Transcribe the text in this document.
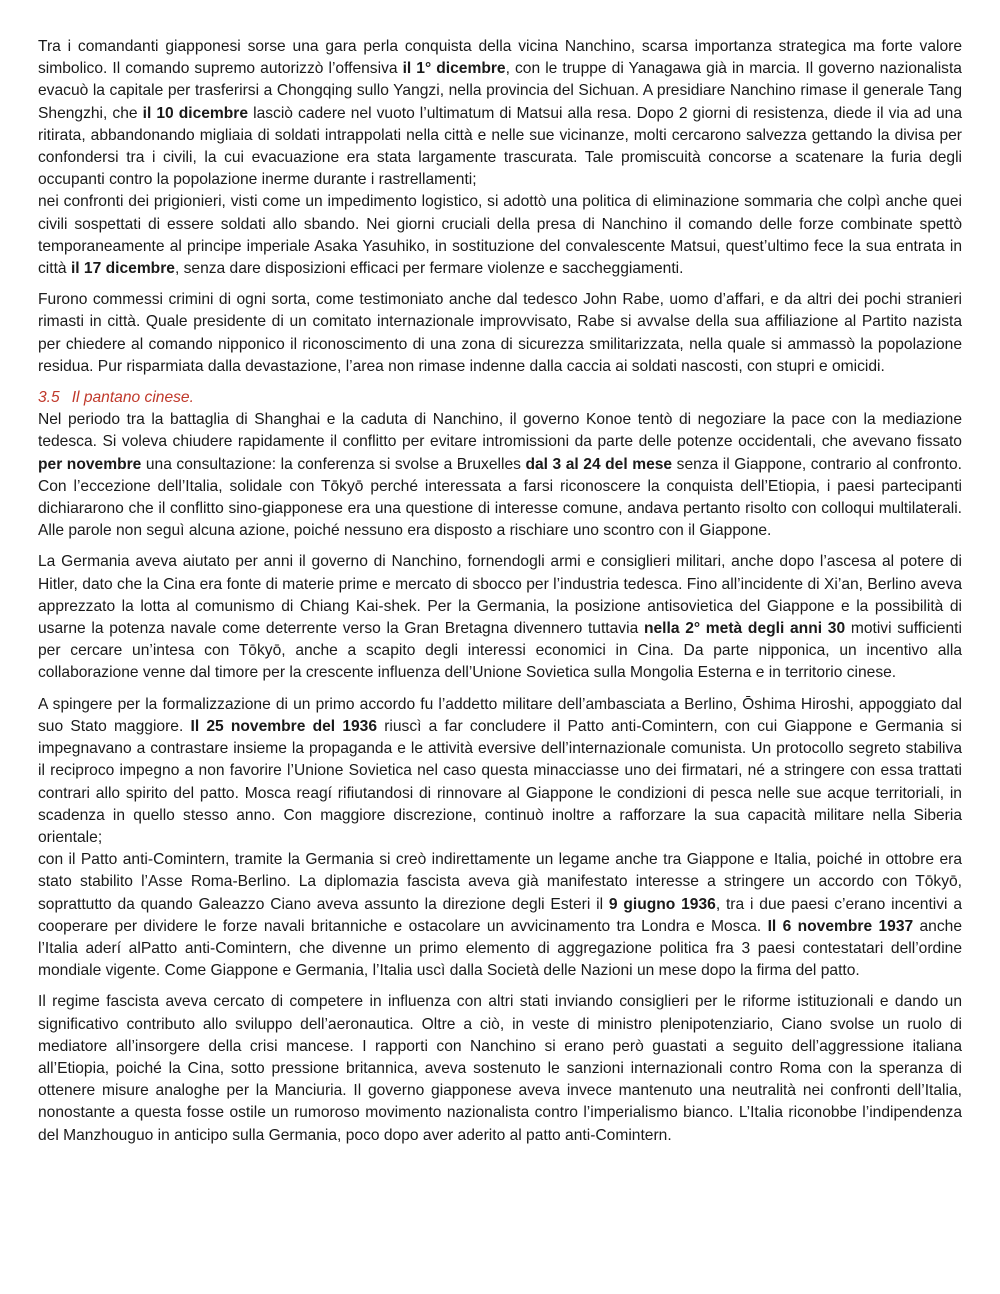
Tra i comandanti giapponesi sorse una gara perla conquista della vicina Nanchino, scarsa importanza strategica ma forte valore simbolico. Il comando supremo autorizzò l’offensiva il 1° dicembre, con le truppe di Yanagawa già in marcia. Il governo nazionalista evacuò la capitale per trasferirsi a Chongqing sullo Yangzi, nella provincia del Sichuan. A presidiare Nanchino rimase il generale Tang Shengzhi, che il 10 dicembre lasciò cadere nel vuoto l’ultimatum di Matsui alla resa. Dopo 2 giorni di resistenza, diede il via ad una ritirata, abbandonando migliaia di soldati intrappolati nella città e nelle sue vicinanze, molti cercarono salvezza gettando la divisa per confondersi tra i civili, la cui evacuazione era stata largamente trascurata. Tale promiscuità concorse a scatenare la furia degli occupanti contro la popolazione inerme durante i rastrellamenti;

nei confronti dei prigionieri, visti come un impedimento logistico, si adottò una politica di eliminazione sommaria che colpì anche quei civili sospettati di essere soldati allo sbando. Nei giorni cruciali della presa di Nanchino il comando delle forze combinate spettò temporaneamente al principe imperiale Asaka Yasuhiko, in sostituzione del convalescente Matsui, quest’ultimo fece la sua entrata in città il 17 dicembre, senza dare disposizioni efficaci per fermare violenze e saccheggiamenti.

Furono commessi crimini di ogni sorta, come testimoniato anche dal tedesco John Rabe, uomo d’affari, e da altri dei pochi stranieri rimasti in città. Quale presidente di un comitato internazionale improvvisato, Rabe si avvalse della sua affiliazione al Partito nazista per chiedere al comando nipponico il riconoscimento di una zona di sicurezza smilitarizzata, nella quale si ammassò la popolazione residua. Pur risparmiata dalla devastazione, l’area non rimase indenne dalla caccia ai soldati nascosti, con stupri e omicidi.

3.5 Il pantano cinese.

Nel periodo tra la battaglia di Shanghai e la caduta di Nanchino, il governo Konoe tentò di negoziare la pace con la mediazione tedesca. Si voleva chiudere rapidamente il conflitto per evitare intromissioni da parte delle potenze occidentali, che avevano fissato per novembre una consultazione: la conferenza si svolse a Bruxelles dal 3 al 24 del mese senza il Giappone, contrario al confronto. Con l’eccezione dell’Italia, solidale con Tōkyō perché interessata a farsi riconoscere la conquista dell’Etiopia, i paesi partecipanti dichiararono che il conflitto sino-giapponese era una questione di interesse comune, andava pertanto risolto con colloqui multilaterali. Alle parole non seguì alcuna azione, poiché nessuno era disposto a rischiare uno scontro con il Giappone.

La Germania aveva aiutato per anni il governo di Nanchino, fornendogli armi e consiglieri militari, anche dopo l’ascesa al potere di Hitler, dato che la Cina era fonte di materie prime e mercato di sbocco per l’industria tedesca. Fino all’incidente di Xi’an, Berlino aveva apprezzato la lotta al comunismo di Chiang Kai-shek. Per la Germania, la posizione antisovietica del Giappone e la possibilità di usarne la potenza navale come deterrente verso la Gran Bretagna divennero tuttavia nella 2° metà degli anni 30 motivi sufficienti per cercare un’intesa con Tōkyō, anche a scapito degli interessi economici in Cina. Da parte nipponica, un incentivo alla collaborazione venne dal timore per la crescente influenza dell’Unione Sovietica sulla Mongolia Esterna e in territorio cinese.

A spingere per la formalizzazione di un primo accordo fu l’addetto militare dell’ambasciata a Berlino, Ōshima Hiroshi, appoggiato dal suo Stato maggiore. Il 25 novembre del 1936 riuscì a far concludere il Patto anti-Comintern, con cui Giappone e Germania si impegnavano a contrastare insieme la propaganda e le attività eversive dell’internazionale comunista. Un protocollo segreto stabiliva il reciproco impegno a non favorire l’Unione Sovietica nel caso questa minacciasse uno dei firmatari, né a stringere con essa trattati contrari allo spirito del patto. Mosca reagí rifiutandosi di rinnovare al Giappone le condizioni di pesca nelle sue acque territoriali, in scadenza in quello stesso anno. Con maggiore discrezione, continuò inoltre a rafforzare la sua capacità militare nella Siberia orientale;

con il Patto anti-Comintern, tramite la Germania si creò indirettamente un legame anche tra Giappone e Italia, poiché in ottobre era stato stabilito l’Asse Roma-Berlino. La diplomazia fascista aveva già manifestato interesse a stringere un accordo con Tōkyō, soprattutto da quando Galeazzo Ciano aveva assunto la direzione degli Esteri il 9 giugno 1936, tra i due paesi c’erano incentivi a cooperare per dividere le forze navali britanniche e ostacolare un avvicinamento tra Londra e Mosca. Il 6 novembre 1937 anche l’Italia aderí alPatto anti-Comintern, che divenne un primo elemento di aggregazione politica fra 3 paesi contestatari dell’ordine mondiale vigente. Come Giappone e Germania, l’Italia uscì dalla Società delle Nazioni un mese dopo la firma del patto.

Il regime fascista aveva cercato di competere in influenza con altri stati inviando consiglieri per le riforme istituzionali e dando un significativo contributo allo sviluppo dell’aeronautica. Oltre a ciò, in veste di ministro plenipotenziario, Ciano svolse un ruolo di mediatore all’insorgere della crisi mancese. I rapporti con Nanchino si erano però guastati a seguito dell’aggressione italiana all’Etiopia, poiché la Cina, sotto pressione britannica, aveva sostenuto le sanzioni internazionali contro Roma con la speranza di ottenere misure analoghe per la Manciuria. Il governo giapponese aveva invece mantenuto una neutralità nei confronti dell’Italia, nonostante a questa fosse ostile un rumoroso movimento nazionalista contro l’imperialismo bianco. L’Italia riconobbe l’indipendenza del Manzhouguo in anticipo sulla Germania, poco dopo aver aderito al patto anti-Comintern.
